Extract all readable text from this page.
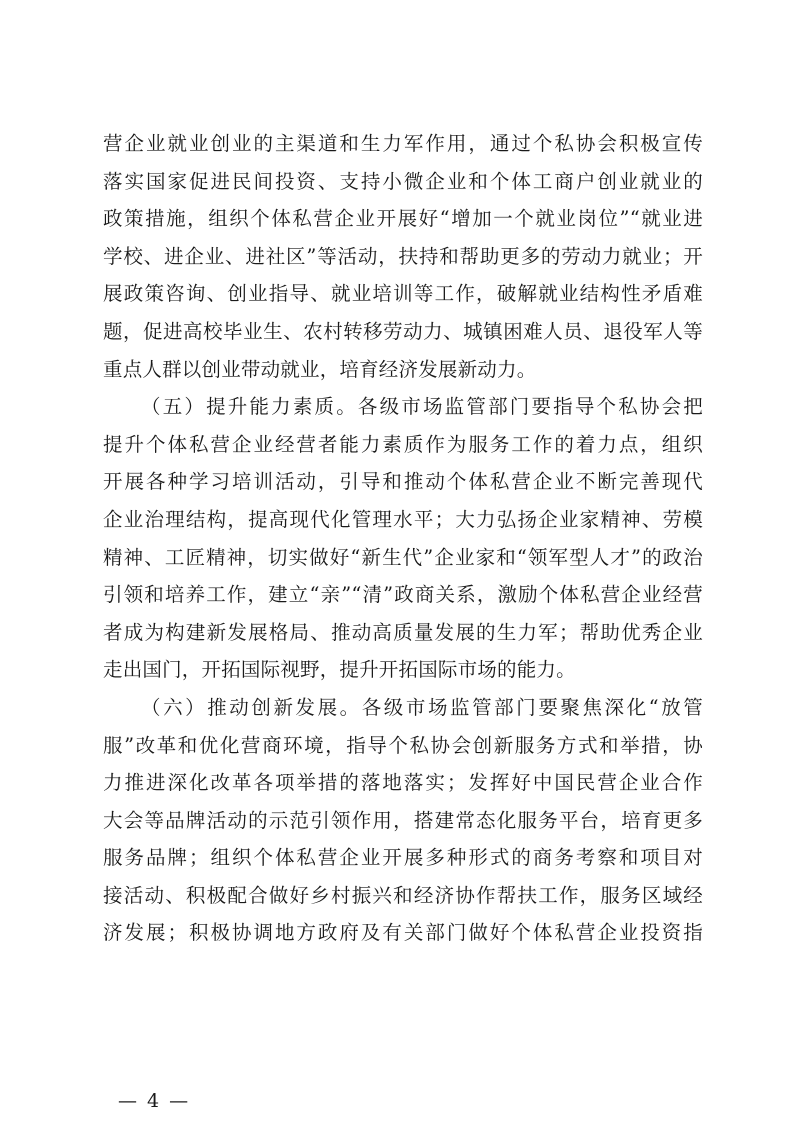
营企业就业创业的主渠道和生力军作用，通过个私协会积极宣传
落实国家促进民间投资、支持小微企业和个体工商户创业就业的
政策措施，组织个体私营企业开展好“增加一个就业岗位”“就业进
学校、进企业、进社区”等活动，扶持和帮助更多的劳动力就业；开
展政策咨询、创业指导、就业培训等工作，破解就业结构性矛盾难
题，促进高校毕业生、农村转移劳动力、城镇困难人员、退役军人等
重点人群以创业带动就业，培育经济发展新动力。
（五）提升能力素质。各级市场监管部门要指导个私协会把
提升个体私营企业经营者能力素质作为服务工作的着力点，组织
开展各种学习培训活动，引导和推动个体私营企业不断完善现代
企业治理结构，提高现代化管理水平；大力弘扬企业家精神、劳模
精神、工匠精神，切实做好“新生代”企业家和“领军型人才”的政治
引领和培养工作，建立“亲”“清”政商关系，激励个体私营企业经营
者成为构建新发展格局、推动高质量发展的生力军；帮助优秀企业
走出国门，开拓国际视野，提升开拓国际市场的能力。
（六）推动创新发展。各级市场监管部门要聚焦深化“放管
服”改革和优化营商环境，指导个私协会创新服务方式和举措，协
力推进深化改革各项举措的落地落实；发挥好中国民营企业合作
大会等品牌活动的示范引领作用，搭建常态化服务平台，培育更多
服务品牌；组织个体私营企业开展多种形式的商务考察和项目对
接活动、积极配合做好乡村振兴和经济协作帮扶工作，服务区域经
济发展；积极协调地方政府及有关部门做好个体私营企业投资指
— 4 —
